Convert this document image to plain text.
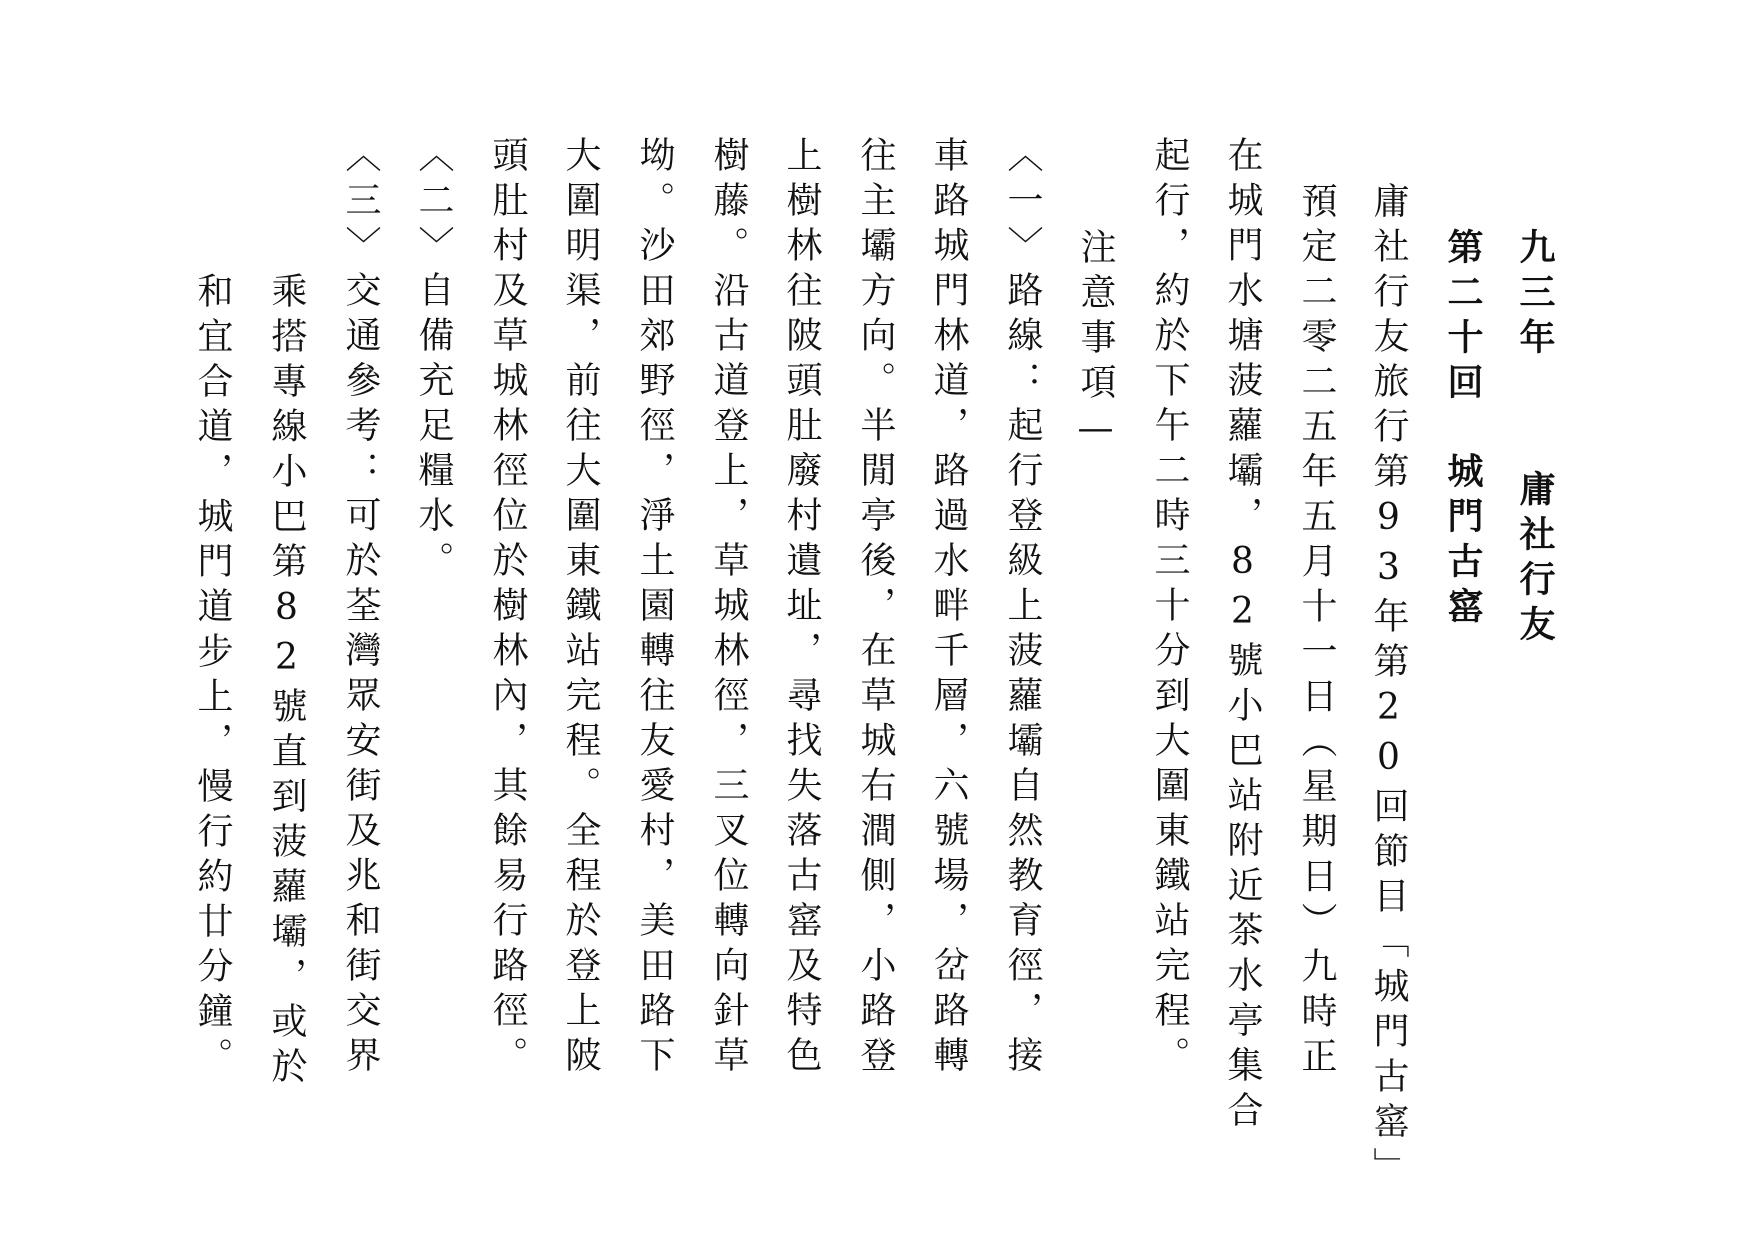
九三年
庸社行友
第二十回
城門古窰
庸社行友旅行第93年第20回節目「城門古窰」
預定二零二五年五月十一日（星期日）九時正
在城門水塘菠蘿壩，82號小巴站附近茶水亭集合
起行，約於下午二時三十分到大圍東鐵站完程。
注意事項—
〈一〉路線：起行登級上菠蘿壩自然教育徑，接
車路城門林道，路過水畔千層，六號場，岔路轉
往主壩方向。半閒亭後，在草城右澗側，小路登
上樹林往陂頭肚廢村遺址，尋找失落古窰及特色
樹藤。沿古道登上，草城林徑，三叉位轉向針草
坳。沙田郊野徑，淨土園轉往友愛村，美田路下
大圍明渠，前往大圍東鐵站完程。全程於登上陂
頭肚村及草城林徑位於樹林內，其餘易行路徑。
〈二〉自備充足糧水。
〈三〉交通參考：可於荃灣眾安街及兆和街交界
乘搭專線小巴第82號直到菠蘿壩，或於
和宜合道，城門道步上，慢行約廿分鐘。
